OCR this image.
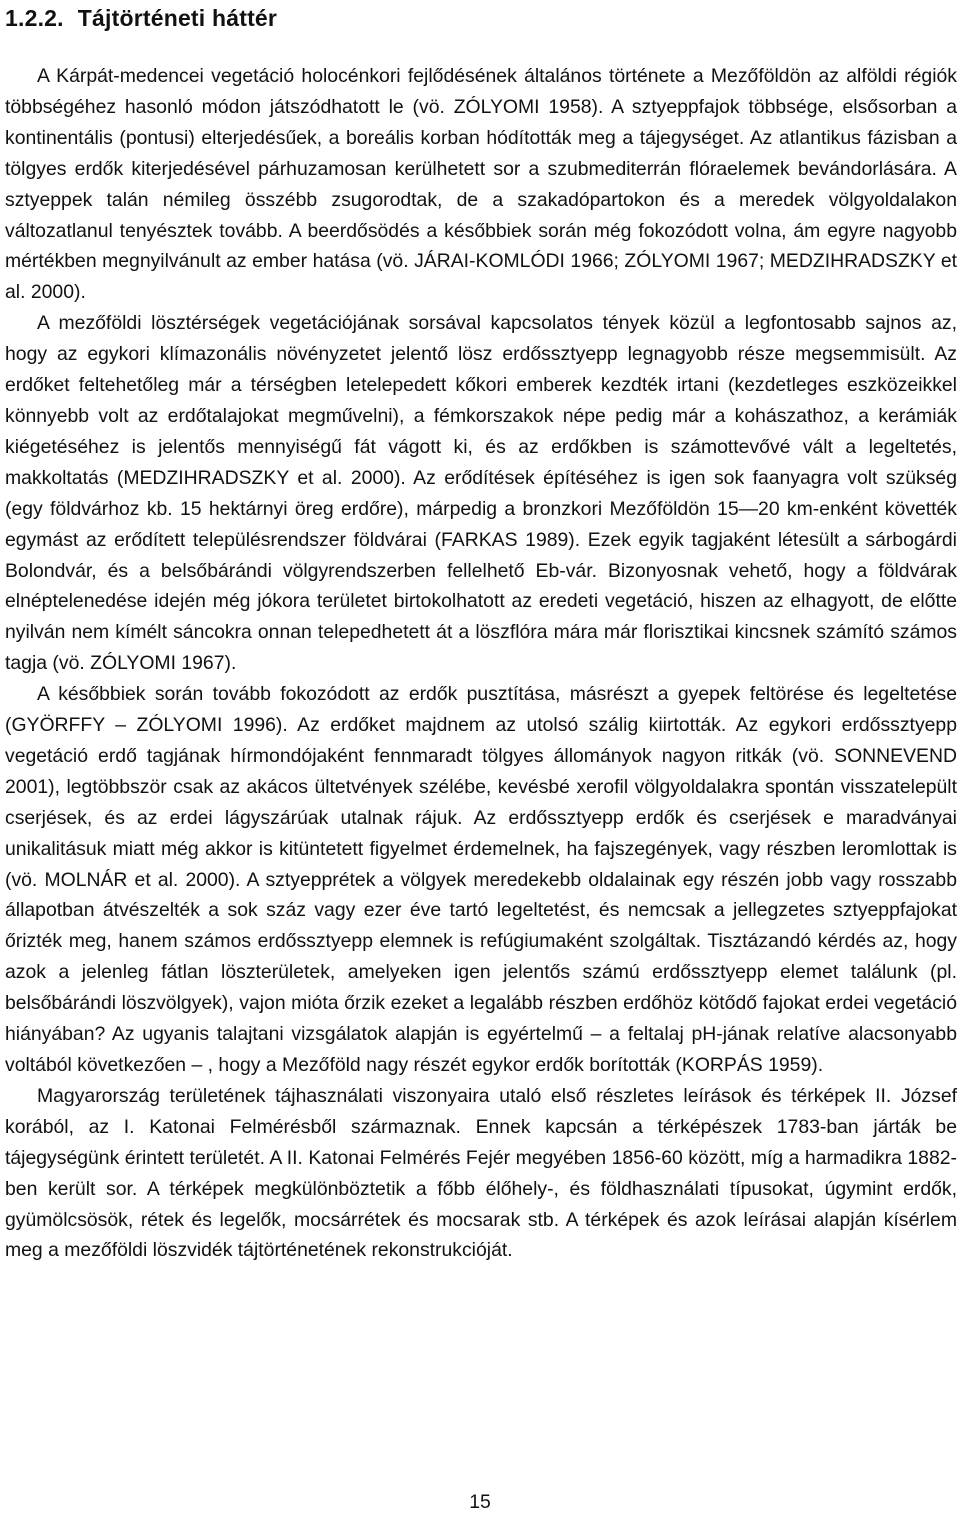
1.2.2. Tájtörténeti háttér

A Kárpát-medencei vegetáció holocénkori fejlődésének általános története a Mezőföldön az alföldi régiók többségéhez hasonló módon játszódhatott le (vö. ZÓLYOMI 1958). A sztyeppfajok többsége, elsősorban a kontinentális (pontusi) elterjedésűek, a boreális korban hódították meg a tájegységet. Az atlantikus fázisban a tölgyes erdők kiterjedésével párhuzamosan kerülhetett sor a szubmediterrán flóraelemek bevándorlására. A sztyeppek talán némileg összébb zsugorodtak, de a szakadópartokon és a meredek völgyoldalakon változatlanul tenyésztek tovább. A beerdősödés a későbbiek során még fokozódott volna, ám egyre nagyobb mértékben megnyilvánult az ember hatása (vö. JÁRAI-KOMLÓDI 1966; ZÓLYOMI 1967; MEDZIHRADSZKY et al. 2000).

A mezőföldi lösztérségek vegetációjának sorsával kapcsolatos tények közül a legfontosabb sajnos az, hogy az egykori klímazonális növényzetet jelentő lösz erdőssztyepp legnagyobb része megsemmisült. Az erdőket feltehetőleg már a térségben letelepedett kőkori emberek kezdték irtani (kezdetleges eszközeikkel könnyebb volt az erdőtalajokat megművelni), a fémkorszakok népe pedig már a kohászathoz, a kerámiák kiégetéséhez is jelentős mennyiségű fát vágott ki, és az erdőkben is számottevővé vált a legeltetés, makkoltatás (MEDZIHRADSZKY et al. 2000). Az erődítések építéséhez is igen sok faanyagra volt szükség (egy földvárhoz kb. 15 hektárnyi öreg erdőre), márpedig a bronzkori Mezőföldön 15—20 km-enként követték egymást az erődített településrendszer földvárai (FARKAS 1989). Ezek egyik tagjaként létesült a sárbogárdi Bolondvár, és a belsőbárándi völgyrendszerben fellelhető Eb-vár. Bizonyosnak vehető, hogy a földvárak elnéptelenedése idején még jókora területet birtokolhatott az eredeti vegetáció, hiszen az elhagyott, de előtte nyilván nem kímélt sáncokra onnan telepedhetett át a löszflóra mára már florisztikai kincsnek számító számos tagja (vö. ZÓLYOMI 1967).

A későbbiek során tovább fokozódott az erdők pusztítása, másrészt a gyepek feltörése és legeltetése (GYÖRFFY – ZÓLYOMI 1996). Az erdőket majdnem az utolsó szálig kiirtották. Az egykori erdőssztyepp vegetáció erdő tagjának hírmondójaként fennmaradt tölgyes állományok nagyon ritkák (vö. SONNEVEND 2001), legtöbbször csak az akácos ültetvények szélébe, kevésbé xerofil völgyoldalakra spontán visszatelepült cserjések, és az erdei lágyszárúak utalnak rájuk. Az erdőssztyepp erdők és cserjések e maradványai unikalitásuk miatt még akkor is kitüntetett figyelmet érdemelnek, ha fajszegények, vagy részben leromlottak is (vö. MOLNÁR et al. 2000). A sztyepprétek a völgyek meredekebb oldalainak egy részén jobb vagy rosszabb állapotban átvészelték a sok száz vagy ezer éve tartó legeltetést, és nemcsak a jellegzetes sztyeppfajokat őrizték meg, hanem számos erdőssztyepp elemnek is refúgiumaként szolgáltak. Tisztázandó kérdés az, hogy azok a jelenleg fátlan löszterületek, amelyeken igen jelentős számú erdőssztyepp elemet találunk (pl. belsőbárándi löszvölgyek), vajon mióta őrzik ezeket a legalább részben erdőhöz kötődő fajokat erdei vegetáció hiányában? Az ugyanis talajtani vizsgálatok alapján is egyértelmű – a feltalaj pH-jának relatíve alacsonyabb voltából következően – , hogy a Mezőföld nagy részét egykor erdők borították (KORPÁS 1959).

Magyarország területének tájhasználati viszonyaira utaló első részletes leírások és térképek II. József korából, az I. Katonai Felmérésből származnak. Ennek kapcsán a térképészek 1783-ban járták be tájegységünk érintett területét. A II. Katonai Felmérés Fejér megyében 1856-60 között, míg a harmadikra 1882-ben került sor. A térképek megkülönböztetik a főbb élőhely-, és földhasználati típusokat, úgymint erdők, gyümölcsösök, rétek és legelők, mocsárrétek és mocsarak stb. A térképek és azok leírásai alapján kísérlem meg a mezőföldi löszvidék tájtörténetének rekonstrukcióját.

15
